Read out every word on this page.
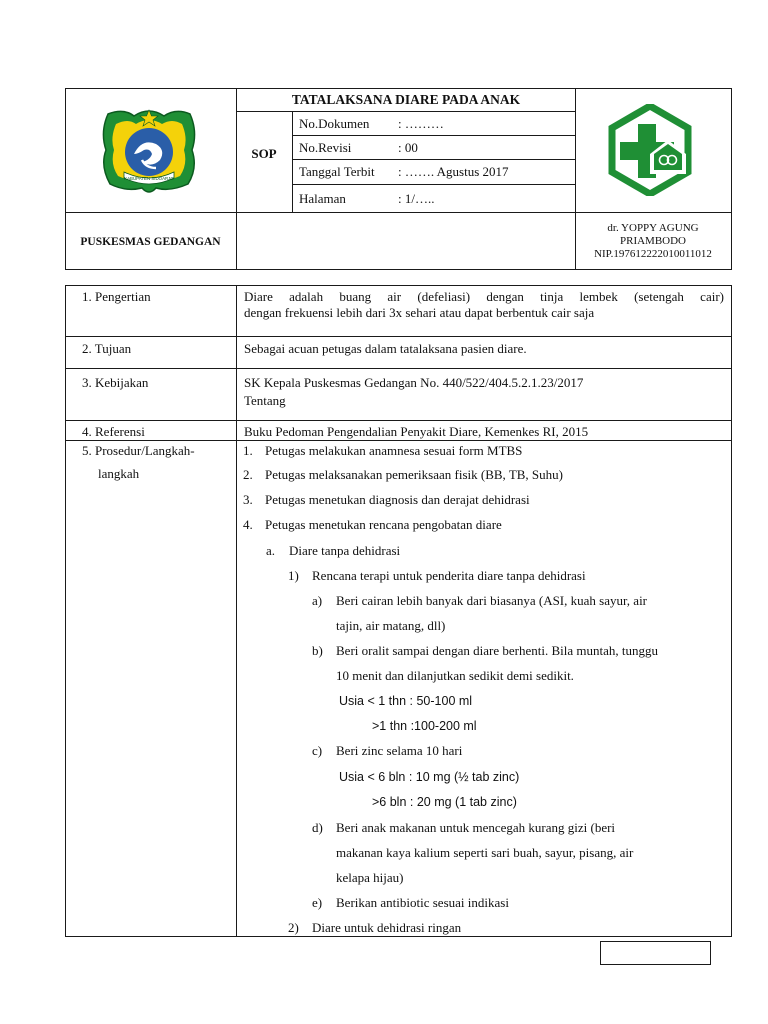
KABUPATEN SIDOARJO
TATALAKSANA DIARE PADA ANAK
SOP
No.Dokumen : ………
No.Revisi	: 00
Tanggal Terbit : ……. Agustus 2017
Halaman	: 1/…..
PUSKESMAS GEDANGAN
dr. YOPPY AGUNG
PRIAMBODO
NIP.197612222010011012
1. Pengertian	Diare adalah buang air (defeliasi) dengan tinja lembek (setengah cair)
dengan frekuensi lebih dari 3x sehari atau dapat berbentuk cair saja
2. Tujuan	Sebagai acuan petugas dalam tatalaksana pasien diare.
3. Kebijakan	SK Kepala Puskesmas Gedangan No. 440/522/404.5.2.1.23/2017
Tentang
4. Referensi	Buku Pedoman Pengendalian Penyakit Diare, Kemenkes RI, 2015
5. Prosedur/Langkah-
langkah
1. Petugas melakukan anamnesa sesuai form MTBS
2. Petugas melaksanakan pemeriksaan fisik (BB, TB, Suhu)
3. Petugas menetukan diagnosis dan derajat dehidrasi
4. Petugas menetukan rencana pengobatan diare
a. Diare tanpa dehidrasi
1) Rencana terapi untuk penderita diare tanpa dehidrasi
a) Beri cairan lebih banyak dari biasanya (ASI, kuah sayur, air
tajin, air matang, dll)
b) Beri oralit sampai dengan diare berhenti. Bila muntah, tunggu
10 menit dan dilanjutkan sedikit demi sedikit.
Usia < 1 thn : 50-100 ml
>1 thn :100-200 ml
c) Beri zinc selama 10 hari
Usia < 6 bln : 10 mg (½ tab zinc)
>6 bln : 20 mg (1 tab zinc)
d) Beri anak makanan untuk mencegah kurang gizi (beri
makanan kaya kalium seperti sari buah, sayur, pisang, air
kelapa hijau)
e) Berikan antibiotic sesuai indikasi
2) Diare untuk dehidrasi ringan
